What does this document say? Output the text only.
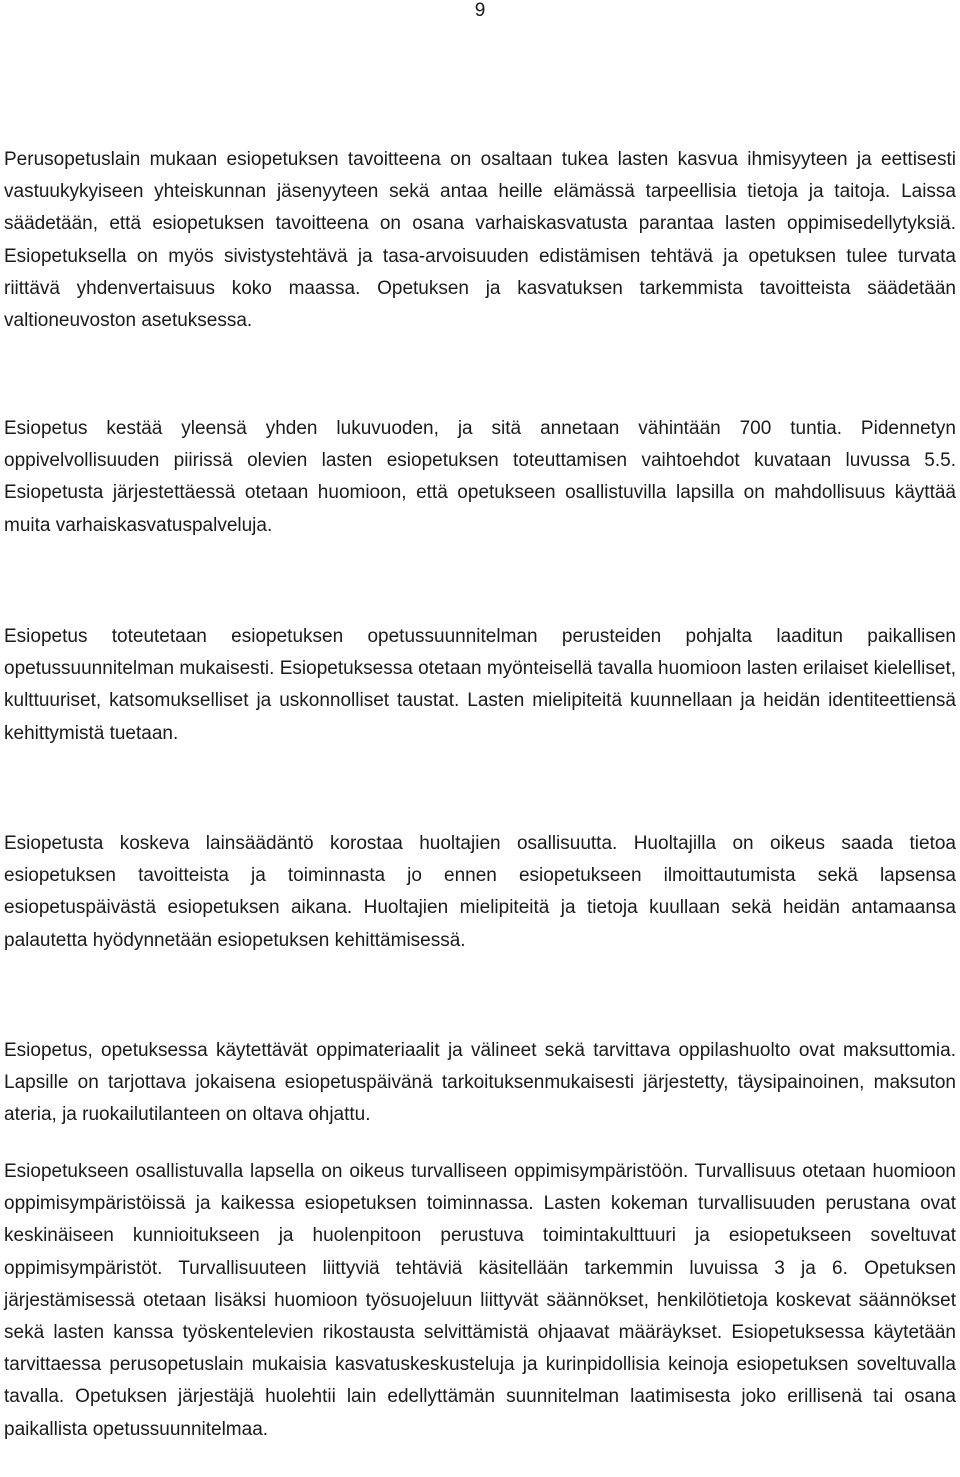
9

Perusopetuslain mukaan esiopetuksen tavoitteena on osaltaan tukea lasten kasvua ihmisyyteen ja eettisesti vastuukykyiseen yhteiskunnan jäsenyyteen sekä antaa heille elämässä tarpeellisia tietoja ja taitoja. Laissa säädetään, että esiopetuksen tavoitteena on osana varhaiskasvatusta parantaa lasten oppimisedellytyksiä. Esiopetuksella on myös sivistystehtävä ja tasa-arvoisuuden edistämisen tehtävä ja opetuksen tulee turvata riittävä yhdenvertaisuus koko maassa. Opetuksen ja kasvatuksen tarkemmista tavoitteista säädetään valtioneuvoston asetuksessa.

Esiopetus kestää yleensä yhden lukuvuoden, ja sitä annetaan vähintään 700 tuntia. Pidennetyn oppivelvollisuuden piirissä olevien lasten esiopetuksen toteuttamisen vaihtoehdot kuvataan luvussa 5.5. Esiopetusta järjestettäessä otetaan huomioon, että opetukseen osallistuvilla lapsilla on mahdollisuus käyttää muita varhaiskasvatuspalveluja.

Esiopetus toteutetaan esiopetuksen opetussuunnitelman perusteiden pohjalta laaditun paikallisen opetussuunnitelman mukaisesti. Esiopetuksessa otetaan myönteisellä tavalla huomioon lasten erilaiset kielelliset, kulttuuriset, katsomukselliset ja uskonnolliset taustat. Lasten mielipiteitä kuunnellaan ja heidän identiteettiensä kehittymistä tuetaan.

Esiopetusta koskeva lainsäädäntö korostaa huoltajien osallisuutta. Huoltajilla on oikeus saada tietoa esiopetuksen tavoitteista ja toiminnasta jo ennen esiopetukseen ilmoittautumista sekä lapsensa esiopetuspäivästä esiopetuksen aikana. Huoltajien mielipiteitä ja tietoja kuullaan sekä heidän antamaansa palautetta hyödynnetään esiopetuksen kehittämisessä.

Esiopetus, opetuksessa käytettävät oppimateriaalit ja välineet sekä tarvittava oppilashuolto ovat maksuttomia. Lapsille on tarjottava jokaisena esiopetuspäivänä tarkoituksenmukaisesti järjestetty, täysipainoinen, maksuton ateria, ja ruokailutilanteen on oltava ohjattu.

Esiopetukseen osallistuvalla lapsella on oikeus turvalliseen oppimisympäristöön. Turvallisuus otetaan huomioon oppimisympäristöissä ja kaikessa esiopetuksen toiminnassa. Lasten kokeman turvallisuuden perustana ovat keskinäiseen kunnioitukseen ja huolenpitoon perustuva toimintakulttuuri ja esiopetukseen soveltuvat oppimisympäristöt. Turvallisuuteen liittyviä tehtäviä käsitellään tarkemmin luvuissa 3 ja 6. Opetuksen järjestämisessä otetaan lisäksi huomioon työsuojeluun liittyvät säännökset, henkilötietoja koskevat säännökset sekä lasten kanssa työskentelevien rikostausta selvittämistä ohjaavat määräykset. Esiopetuksessa käytetään tarvittaessa perusopetuslain mukaisia kasvatuskeskusteluja ja kurinpidollisia keinoja esiopetuksen soveltuvalla tavalla. Opetuksen järjestäjä huolehtii lain edellyttämän suunnitelman laatimisesta joko erillisenä tai osana paikallista opetussuunnitelmaa.
